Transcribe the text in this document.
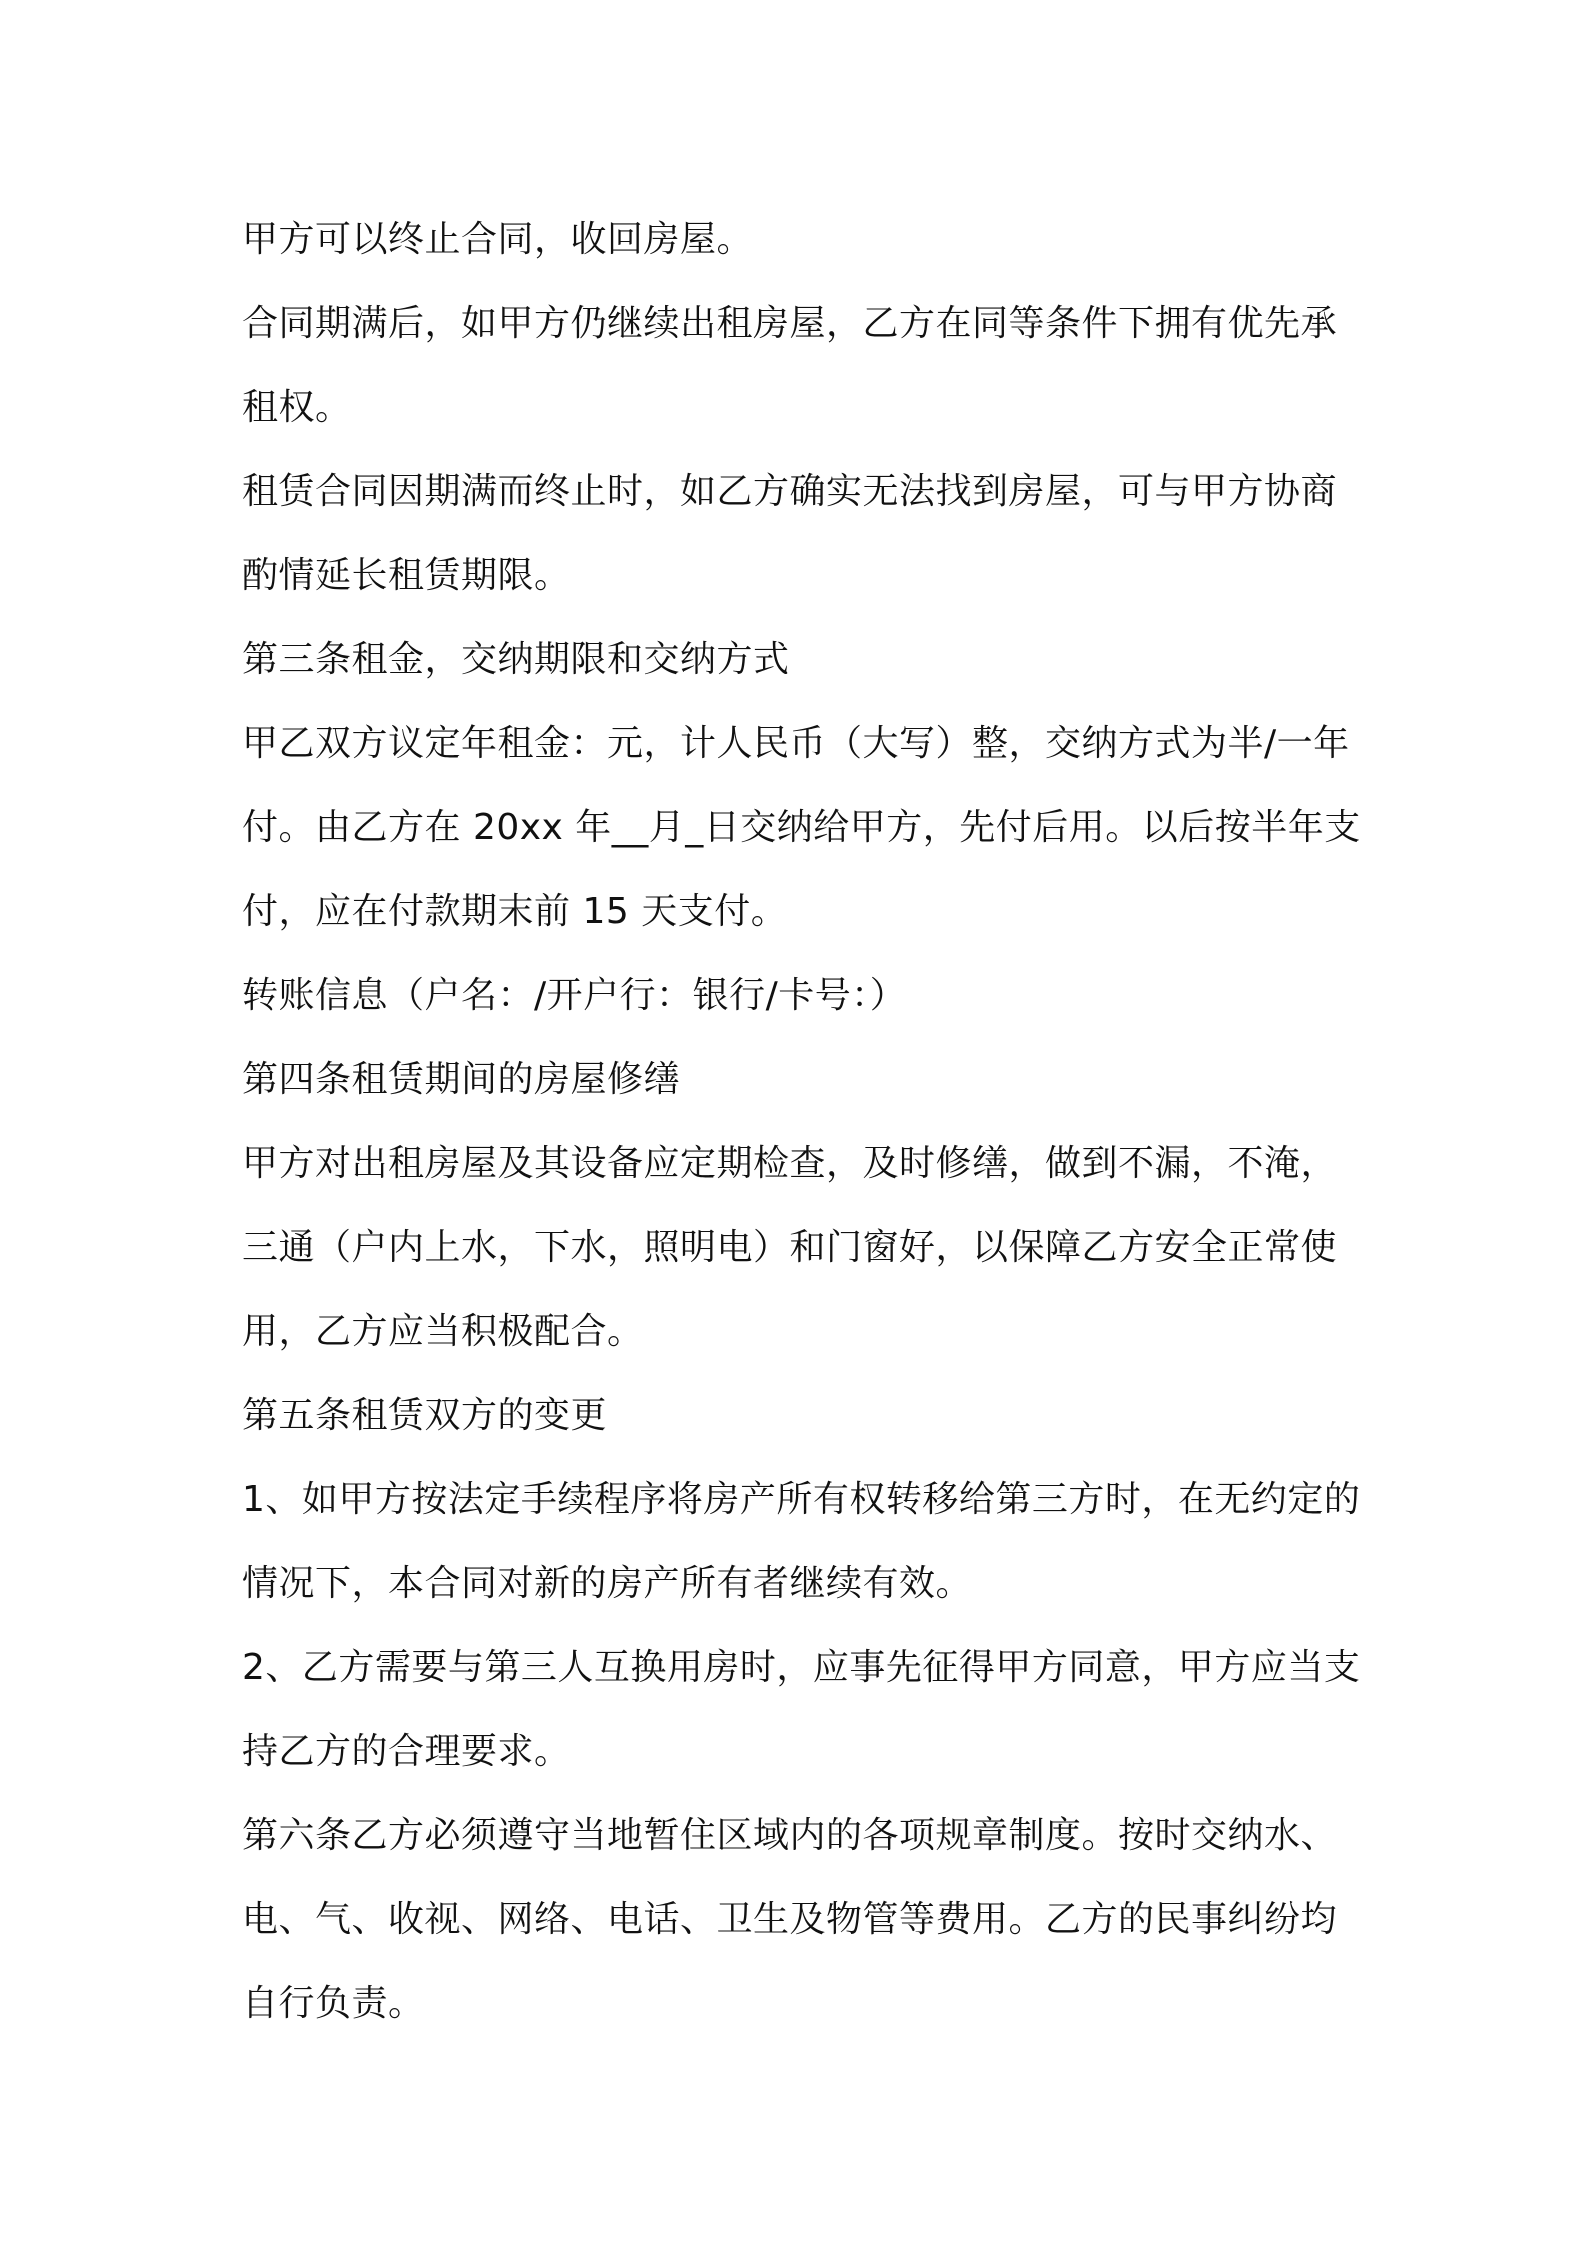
甲方可以终止合同，收回房屋。

合同期满后，如甲方仍继续出租房屋，乙方在同等条件下拥有优先承租权。

租赁合同因期满而终止时，如乙方确实无法找到房屋，可与甲方协商酌情延长租赁期限。

第三条租金，交纳期限和交纳方式

甲乙双方议定年租金：元，计人民币（大写）整，交纳方式为半/一年付。由乙方在 20xx 年__月_日交纳给甲方，先付后用。以后按半年支付，应在付款期末前 15 天支付。

转账信息（户名：/开户行：银行/卡号：）

第四条租赁期间的房屋修缮

甲方对出租房屋及其设备应定期检查，及时修缮，做到不漏，不淹，三通（户内上水，下水，照明电）和门窗好，以保障乙方安全正常使用，乙方应当积极配合。

第五条租赁双方的变更

1、如甲方按法定手续程序将房产所有权转移给第三方时，在无约定的情况下，本合同对新的房产所有者继续有效。

2、乙方需要与第三人互换用房时，应事先征得甲方同意，甲方应当支持乙方的合理要求。

第六条乙方必须遵守当地暂住区域内的各项规章制度。按时交纳水、电、气、收视、网络、电话、卫生及物管等费用。乙方的民事纠纷均自行负责。
